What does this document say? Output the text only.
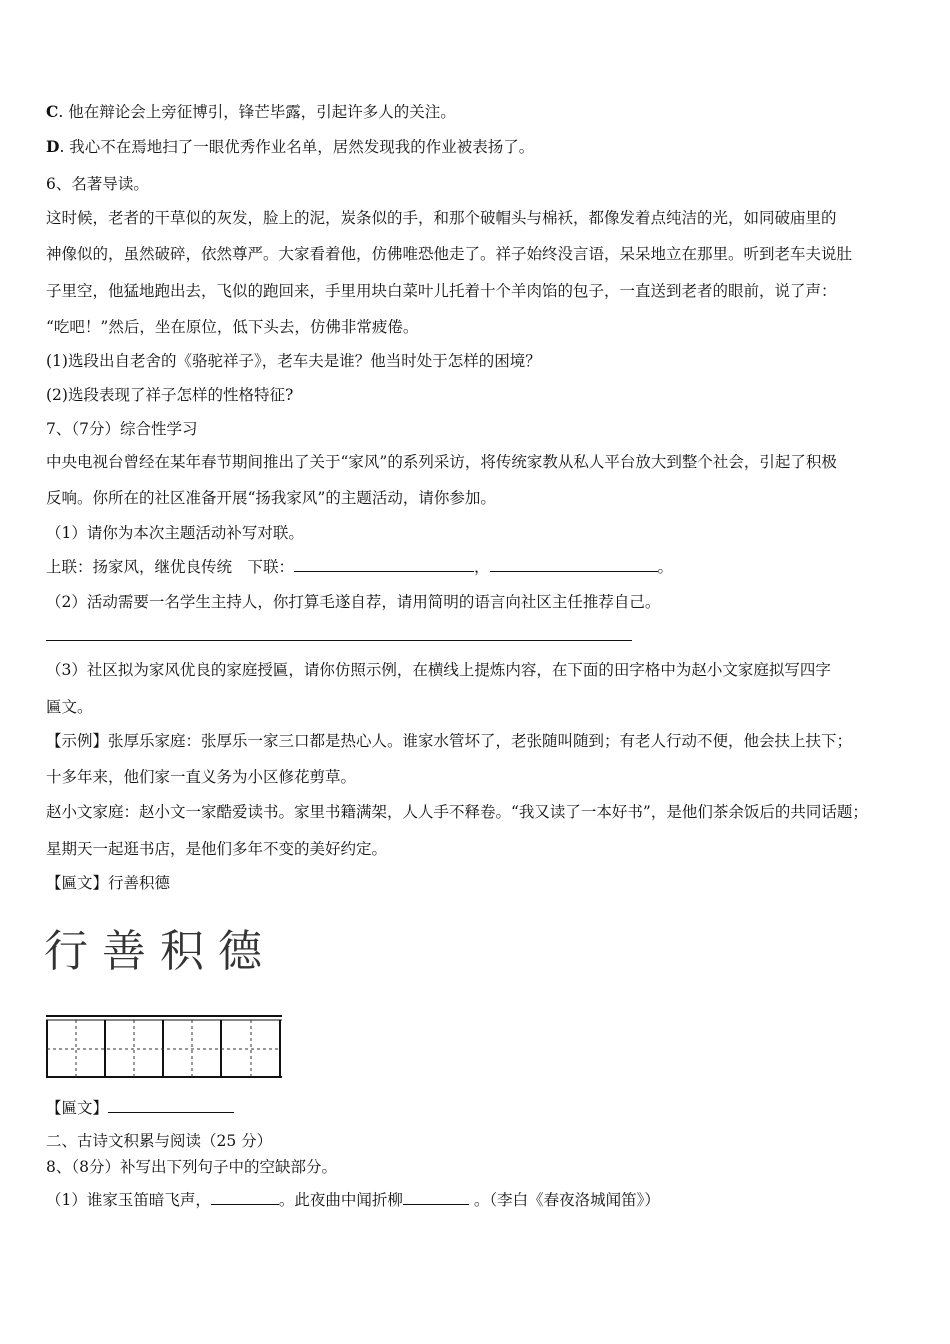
C. 他在辩论会上旁征博引，锋芒毕露，引起许多人的关注。
D. 我心不在焉地扫了一眼优秀作业名单，居然发现我的作业被表扬了。
6、名著导读。
这时候，老者的干草似的灰发，脸上的泥，炭条似的手，和那个破帽头与棉袄，都像发着点纯洁的光，如同破庙里的
神像似的，虽然破碎，依然尊严。大家看着他，仿佛唯恐他走了。祥子始终没言语，呆呆地立在那里。听到老车夫说肚
子里空，他猛地跑出去，飞似的跑回来，手里用块白菜叶儿托着十个羊肉馅的包子，一直送到老者的眼前，说了声：
“吃吧！”然后，坐在原位，低下头去，仿佛非常疲倦。
(1)选段出自老舍的《骆驼祥子》，老车夫是谁？他当时处于怎样的困境？
(2)选段表现了祥子怎样的性格特征?
7、（7分）综合性学习
中央电视台曾经在某年春节期间推出了关于“家风”的系列采访，将传统家教从私人平台放大到整个社会，引起了积极
反响。你所在的社区准备开展“扬我家风”的主题活动，请你参加。
（1）请你为本次主题活动补写对联。
上联：扬家风，继优良传统　下联：	，	。
（2）活动需要一名学生主持人，你打算毛遂自荐，请用简明的语言向社区主任推荐自己。
（3）社区拟为家风优良的家庭授匾，请你仿照示例，在横线上提炼内容，在下面的田字格中为赵小文家庭拟写四字
匾文。
【示例】张厚乐家庭：张厚乐一家三口都是热心人。谁家水管坏了，老张随叫随到；有老人行动不便，他会扶上扶下；
十多年来，他们家一直义务为小区修花剪草。
赵小文家庭：赵小文一家酷爱读书。家里书籍满架，人人手不释卷。“我又读了一本好书”，是他们茶余饭后的共同话题；
星期天一起逛书店，是他们多年不变的美好约定。
【匾文】行善积德
行善积德
【匾文】
二、古诗文积累与阅读（25 分）
8、（8分）补写出下列句子中的空缺部分。
（1）谁家玉笛暗飞声，	。此夜曲中闻折柳	。（李白《春夜洛城闻笛》）
